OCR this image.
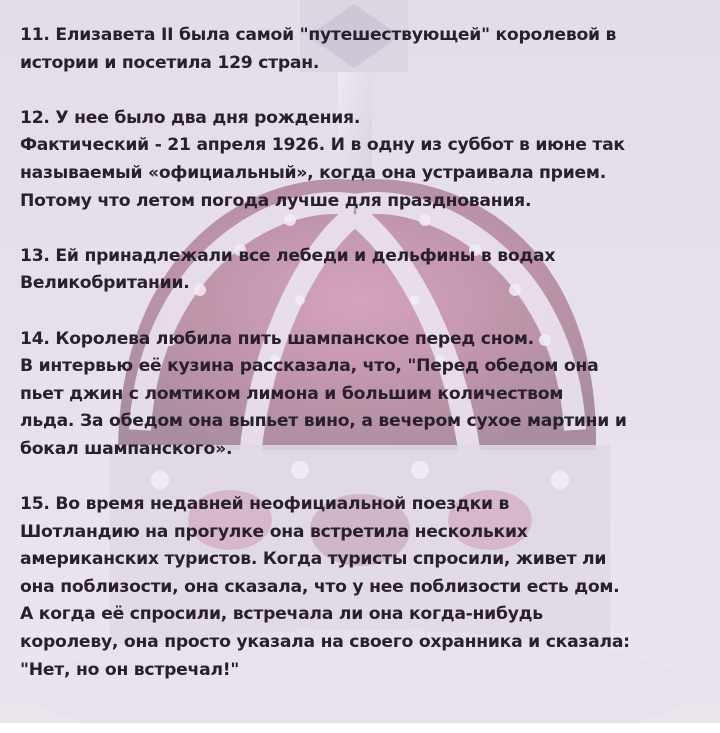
11. Елизавета II была самой "путешествующей" королевой в
истории и посетила 129 стран.

12. У нее было два дня рождения.
Фактический - 21 апреля 1926. И в одну из суббот в июне так
называемый «официальный», когда она устраивала прием.
Потому что летом погода лучше для празднования.

13. Ей принадлежали все лебеди и дельфины в водах
Великобритании.

14. Королева любила пить шампанское перед сном.
В интервью её кузина рассказала, что, "Перед обедом она
пьет джин с ломтиком лимона и большим количеством
льда. За обедом она выпьет вино, а вечером сухое мартини и
бокал шампанского».

15. Во время недавней неофициальной поездки в
Шотландию на прогулке она встретила нескольких
американских туристов. Когда туристы спросили, живет ли
она поблизости, она сказала, что у нее поблизости есть дом.
А когда её спросили, встречала ли она когда-нибудь
королеву, она просто указала на своего охранника и сказала:
"Нет, но он встречал!"
